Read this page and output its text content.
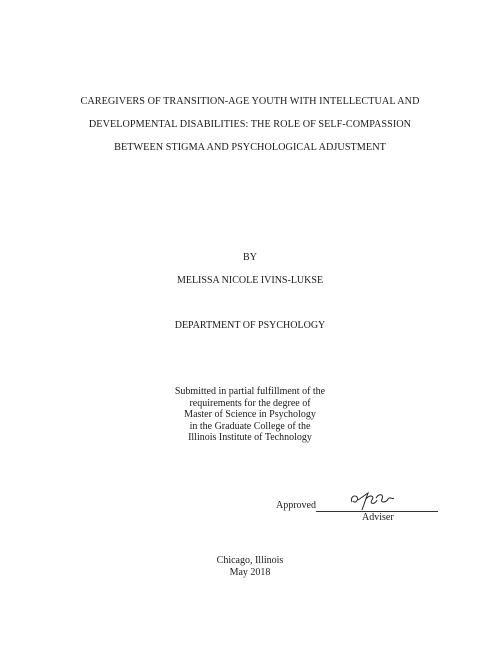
CAREGIVERS OF TRANSITION-AGE YOUTH WITH INTELLECTUAL AND
DEVELOPMENTAL DISABILITIES: THE ROLE OF SELF-COMPASSION
BETWEEN STIGMA AND PSYCHOLOGICAL ADJUSTMENT
BY
MELISSA NICOLE IVINS-LUKSE
DEPARTMENT OF PSYCHOLOGY
Submitted in partial fulfillment of the
requirements for the degree of
Master of Science in Psychology
in the Graduate College of the
Illinois Institute of Technology
Approved
Adviser
Chicago, Illinois
May 2018
